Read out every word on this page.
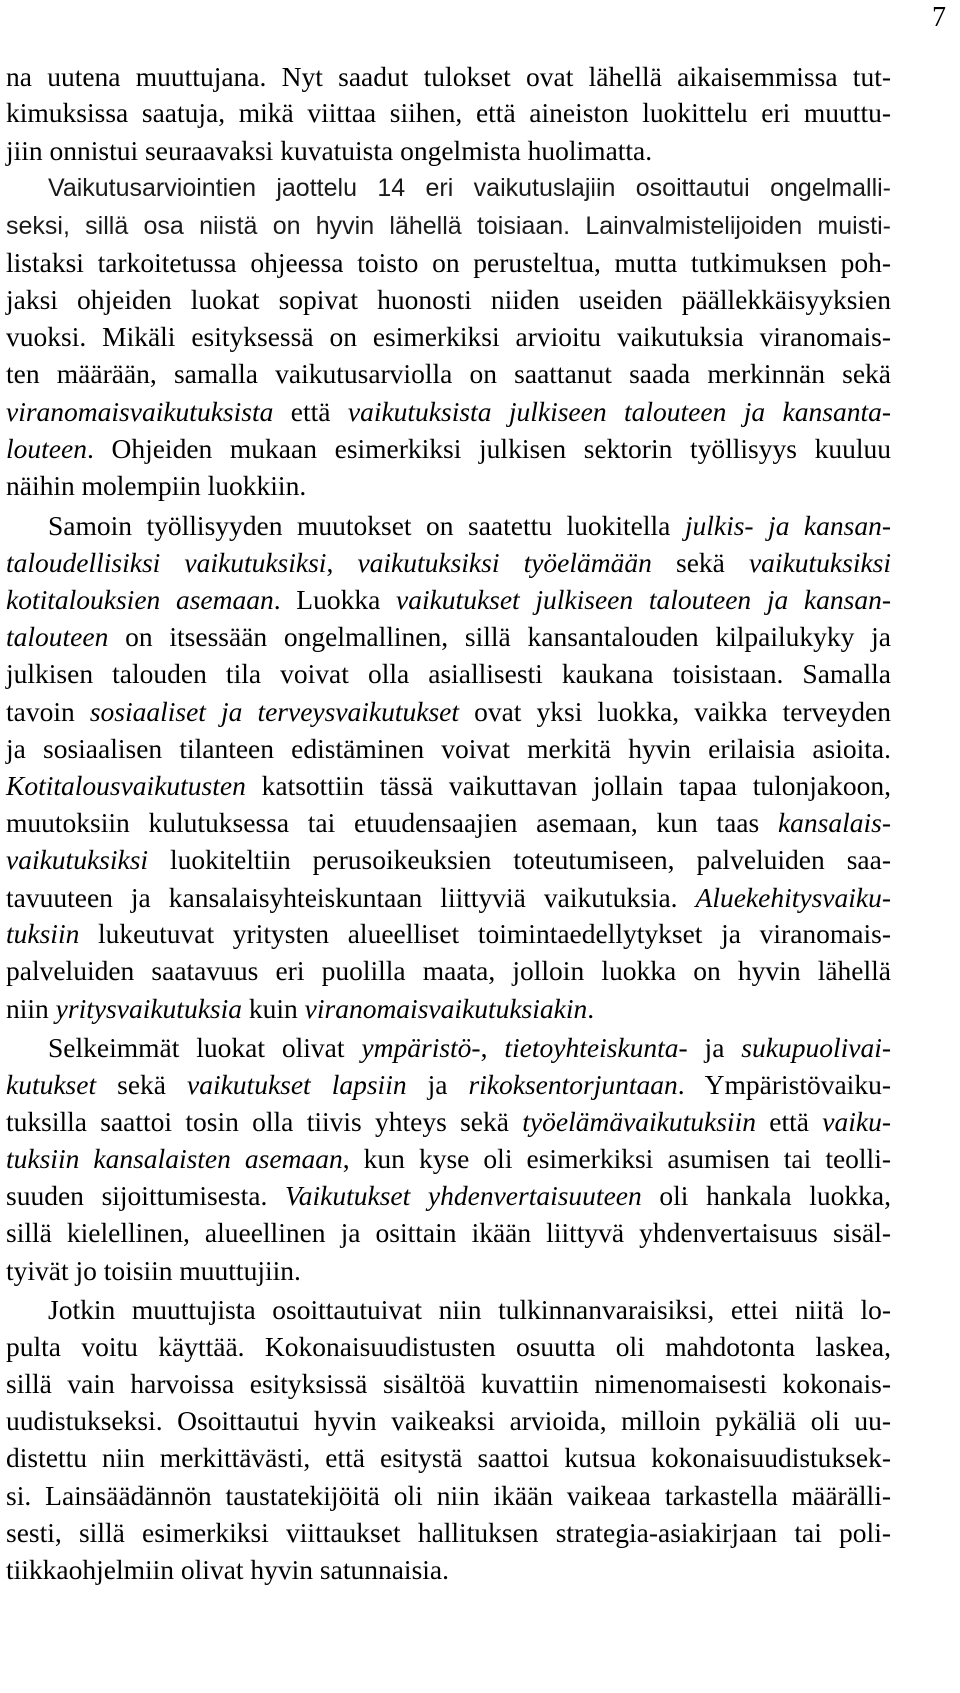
7
na uutena muuttujana. Nyt saadut tulokset ovat lähellä aikaisemmissa tut-
kimuksissa saatuja, mikä viittaa siihen, että aineiston luokittelu eri muuttu-
jiin onnistui seuraavaksi kuvatuista ongelmista huolimatta.
Vaikutusarviointien jaottelu 14 eri vaikutuslajiin osoittautui ongelmalli-
seksi, sillä osa niistä on hyvin lähellä toisiaan. Lainvalmistelijoiden muisti-
listaksi tarkoitetussa ohjeessa toisto on perusteltua, mutta tutkimuksen poh-
jaksi ohjeiden luokat sopivat huonosti niiden useiden päällekkäisyyksien
vuoksi. Mikäli esityksessä on esimerkiksi arvioitu vaikutuksia viranomais-
ten määrään, samalla vaikutusarviolla on saattanut saada merkinnän sekä
viranomaisvaikutuksista että vaikutuksista julkiseen talouteen ja kansanta-
louteen. Ohjeiden mukaan esimerkiksi julkisen sektorin työllisyys kuuluu
näihin molempiin luokkiin.
Samoin työllisyyden muutokset on saatettu luokitella julkis- ja kansan-
taloudellisiksi vaikutuksiksi, vaikutuksiksi työelämään sekä vaikutuksiksi
kotitalouksien asemaan. Luokka vaikutukset julkiseen talouteen ja kansan-
talouteen on itsessään ongelmallinen, sillä kansantalouden kilpailukyky ja
julkisen talouden tila voivat olla asiallisesti kaukana toisistaan. Samalla
tavoin sosiaaliset ja terveysvaikutukset ovat yksi luokka, vaikka terveyden
ja sosiaalisen tilanteen edistäminen voivat merkitä hyvin erilaisia asioita.
Kotitalousvaikutusten katsottiin tässä vaikuttavan jollain tapaa tulonjakoon,
muutoksiin kulutuksessa tai etuudensaajien asemaan, kun taas kansalais-
vaikutuksiksi luokiteltiin perusoikeuksien toteutumiseen, palveluiden saa-
tavuuteen ja kansalaisyhteiskuntaan liittyviä vaikutuksia. Aluekehitysvaiku-
tuksiin lukeutuvat yritysten alueelliset toimintaedellytykset ja viranomais-
palveluiden saatavuus eri puolilla maata, jolloin luokka on hyvin lähellä
niin yritysvaikutuksia kuin viranomaisvaikutuksiakin.
Selkeimmät luokat olivat ympäristö-, tietoyhteiskunta- ja sukupuolivai-
kutukset sekä vaikutukset lapsiin ja rikoksentorjuntaan. Ympäristövaiku-
tuksilla saattoi tosin olla tiivis yhteys sekä työelämävaikutuksiin että vaiku-
tuksiin kansalaisten asemaan, kun kyse oli esimerkiksi asumisen tai teolli-
suuden sijoittumisesta. Vaikutukset yhdenvertaisuuteen oli hankala luokka,
sillä kielellinen, alueellinen ja osittain ikään liittyvä yhdenvertaisuus sisäl-
tyivät jo toisiin muuttujiin.
Jotkin muuttujista osoittautuivat niin tulkinnanvaraisiksi, ettei niitä lo-
pulta voitu käyttää. Kokonaisuudistusten osuutta oli mahdotonta laskea,
sillä vain harvoissa esityksissä sisältöä kuvattiin nimenomaisesti kokonais-
uudistukseksi. Osoittautui hyvin vaikeaksi arvioida, milloin pykäliä oli uu-
distettu niin merkittävästi, että esitystä saattoi kutsua kokonaisuudistuksek-
si. Lainsäädännön taustatekijöitä oli niin ikään vaikeaa tarkastella määrälli-
sesti, sillä esimerkiksi viittaukset hallituksen strategia-asiakirjaan tai poli-
tiikkaohjelmiin olivat hyvin satunnaisia.
